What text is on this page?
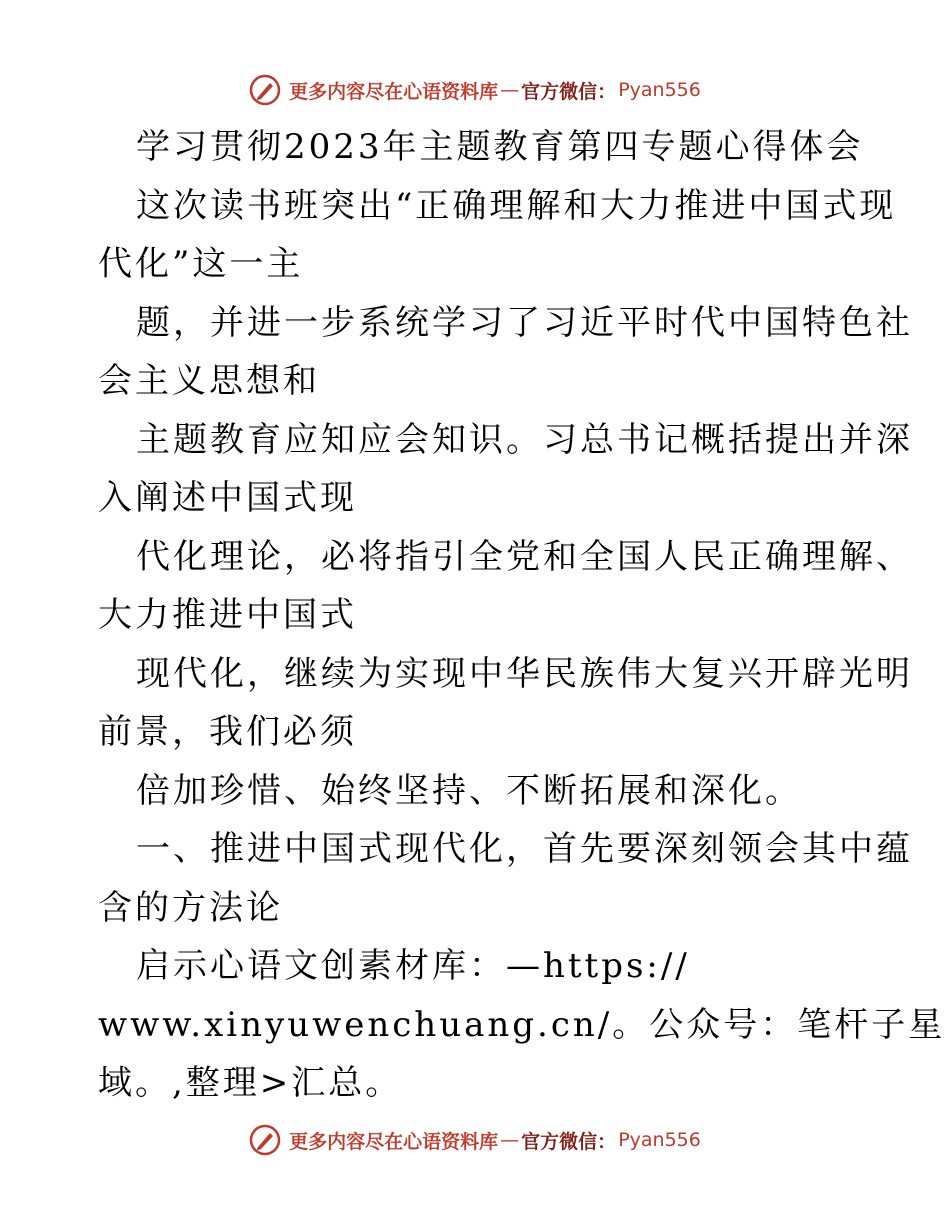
更多内容尽在心语资料库 — 官方微信： Pyan556
学习贯彻2023年主题教育第四专题心得体会
这次读书班突出“正确理解和大力推进中国式现
代化”这一主
题，并进一步系统学习了习近平时代中国特色社
会主义思想和
主题教育应知应会知识。习总书记概括提出并深
入阐述中国式现
代化理论，必将指引全党和全国人民正确理解、
大力推进中国式
现代化，继续为实现中华民族伟大复兴开辟光明
前景，我们必须
倍加珍惜、始终坚持、不断拓展和深化。
一、推进中国式现代化，首先要深刻领会其中蕴
含的方法论
启示心语文创素材库：—https://
www.xinyuwenchuang.cn/。公众号：笔杆子星
域。,整理>汇总。
更多内容尽在心语资料库 — 官方微信： Pyan556
